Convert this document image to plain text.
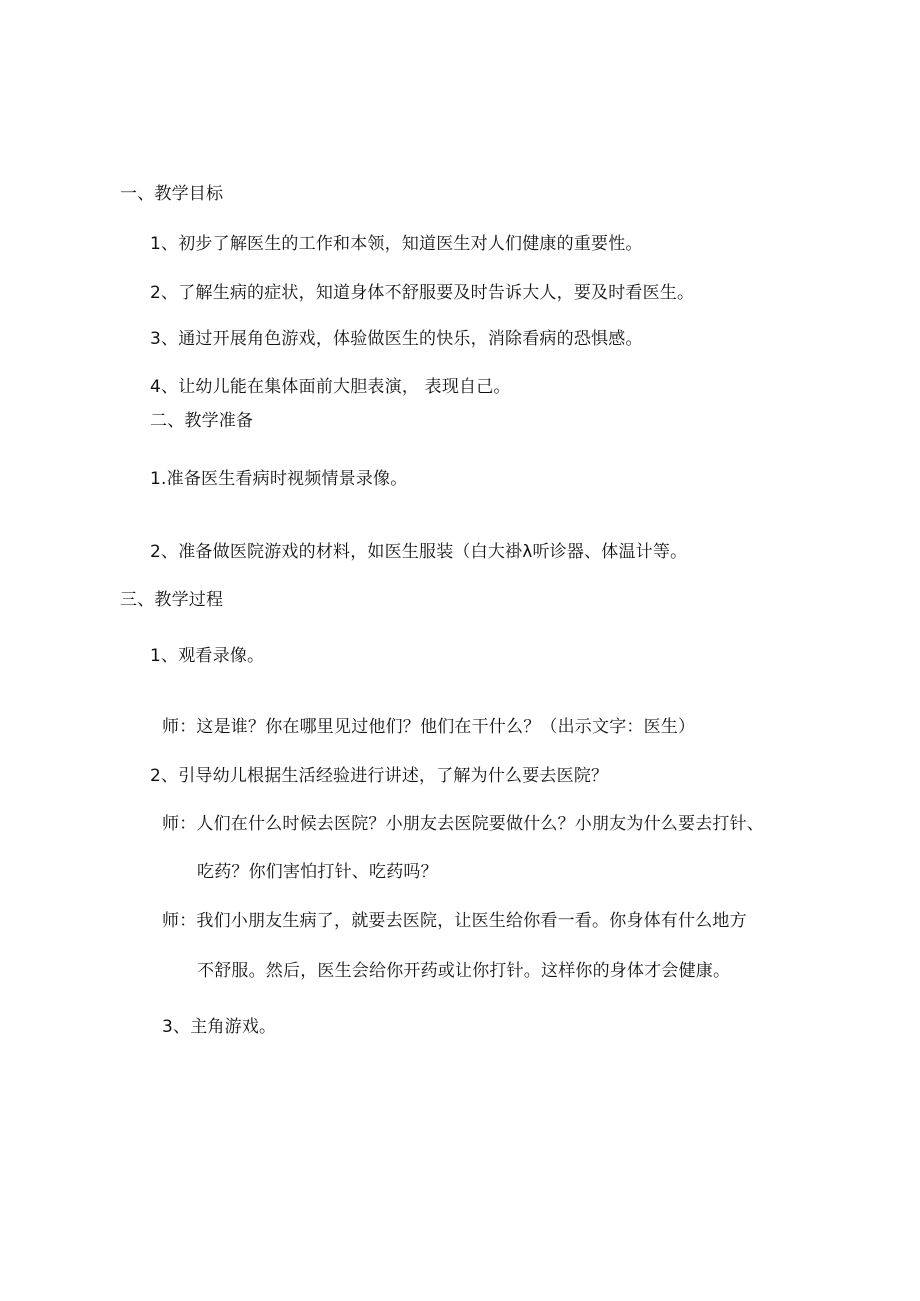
一、教学目标
1、初步了解医生的工作和本领，知道医生对人们健康的重要性。
2、了解生病的症状，知道身体不舒服要及时告诉大人，要及时看医生。
3、通过开展角色游戏，体验做医生的快乐，消除看病的恐惧感。
4、让幼儿能在集体面前大胆表演， 表现自己。
二、教学准备
1.准备医生看病时视频情景录像。
2、准备做医院游戏的材料，如医生服装（白大褂λ听诊器、体温计等。
三、教学过程
1、观看录像。
师：这是谁？你在哪里见过他们？他们在干什么？（出示文字：医生）
2、引导幼儿根据生活经验进行讲述，了解为什么要去医院？
师：人们在什么时候去医院？小朋友去医院要做什么？小朋友为什么要去打针、
吃药？你们害怕打针、吃药吗？
师：我们小朋友生病了，就要去医院，让医生给你看一看。你身体有什么地方
不舒服。然后，医生会给你开药或让你打针。这样你的身体才会健康。
3、主角游戏。
